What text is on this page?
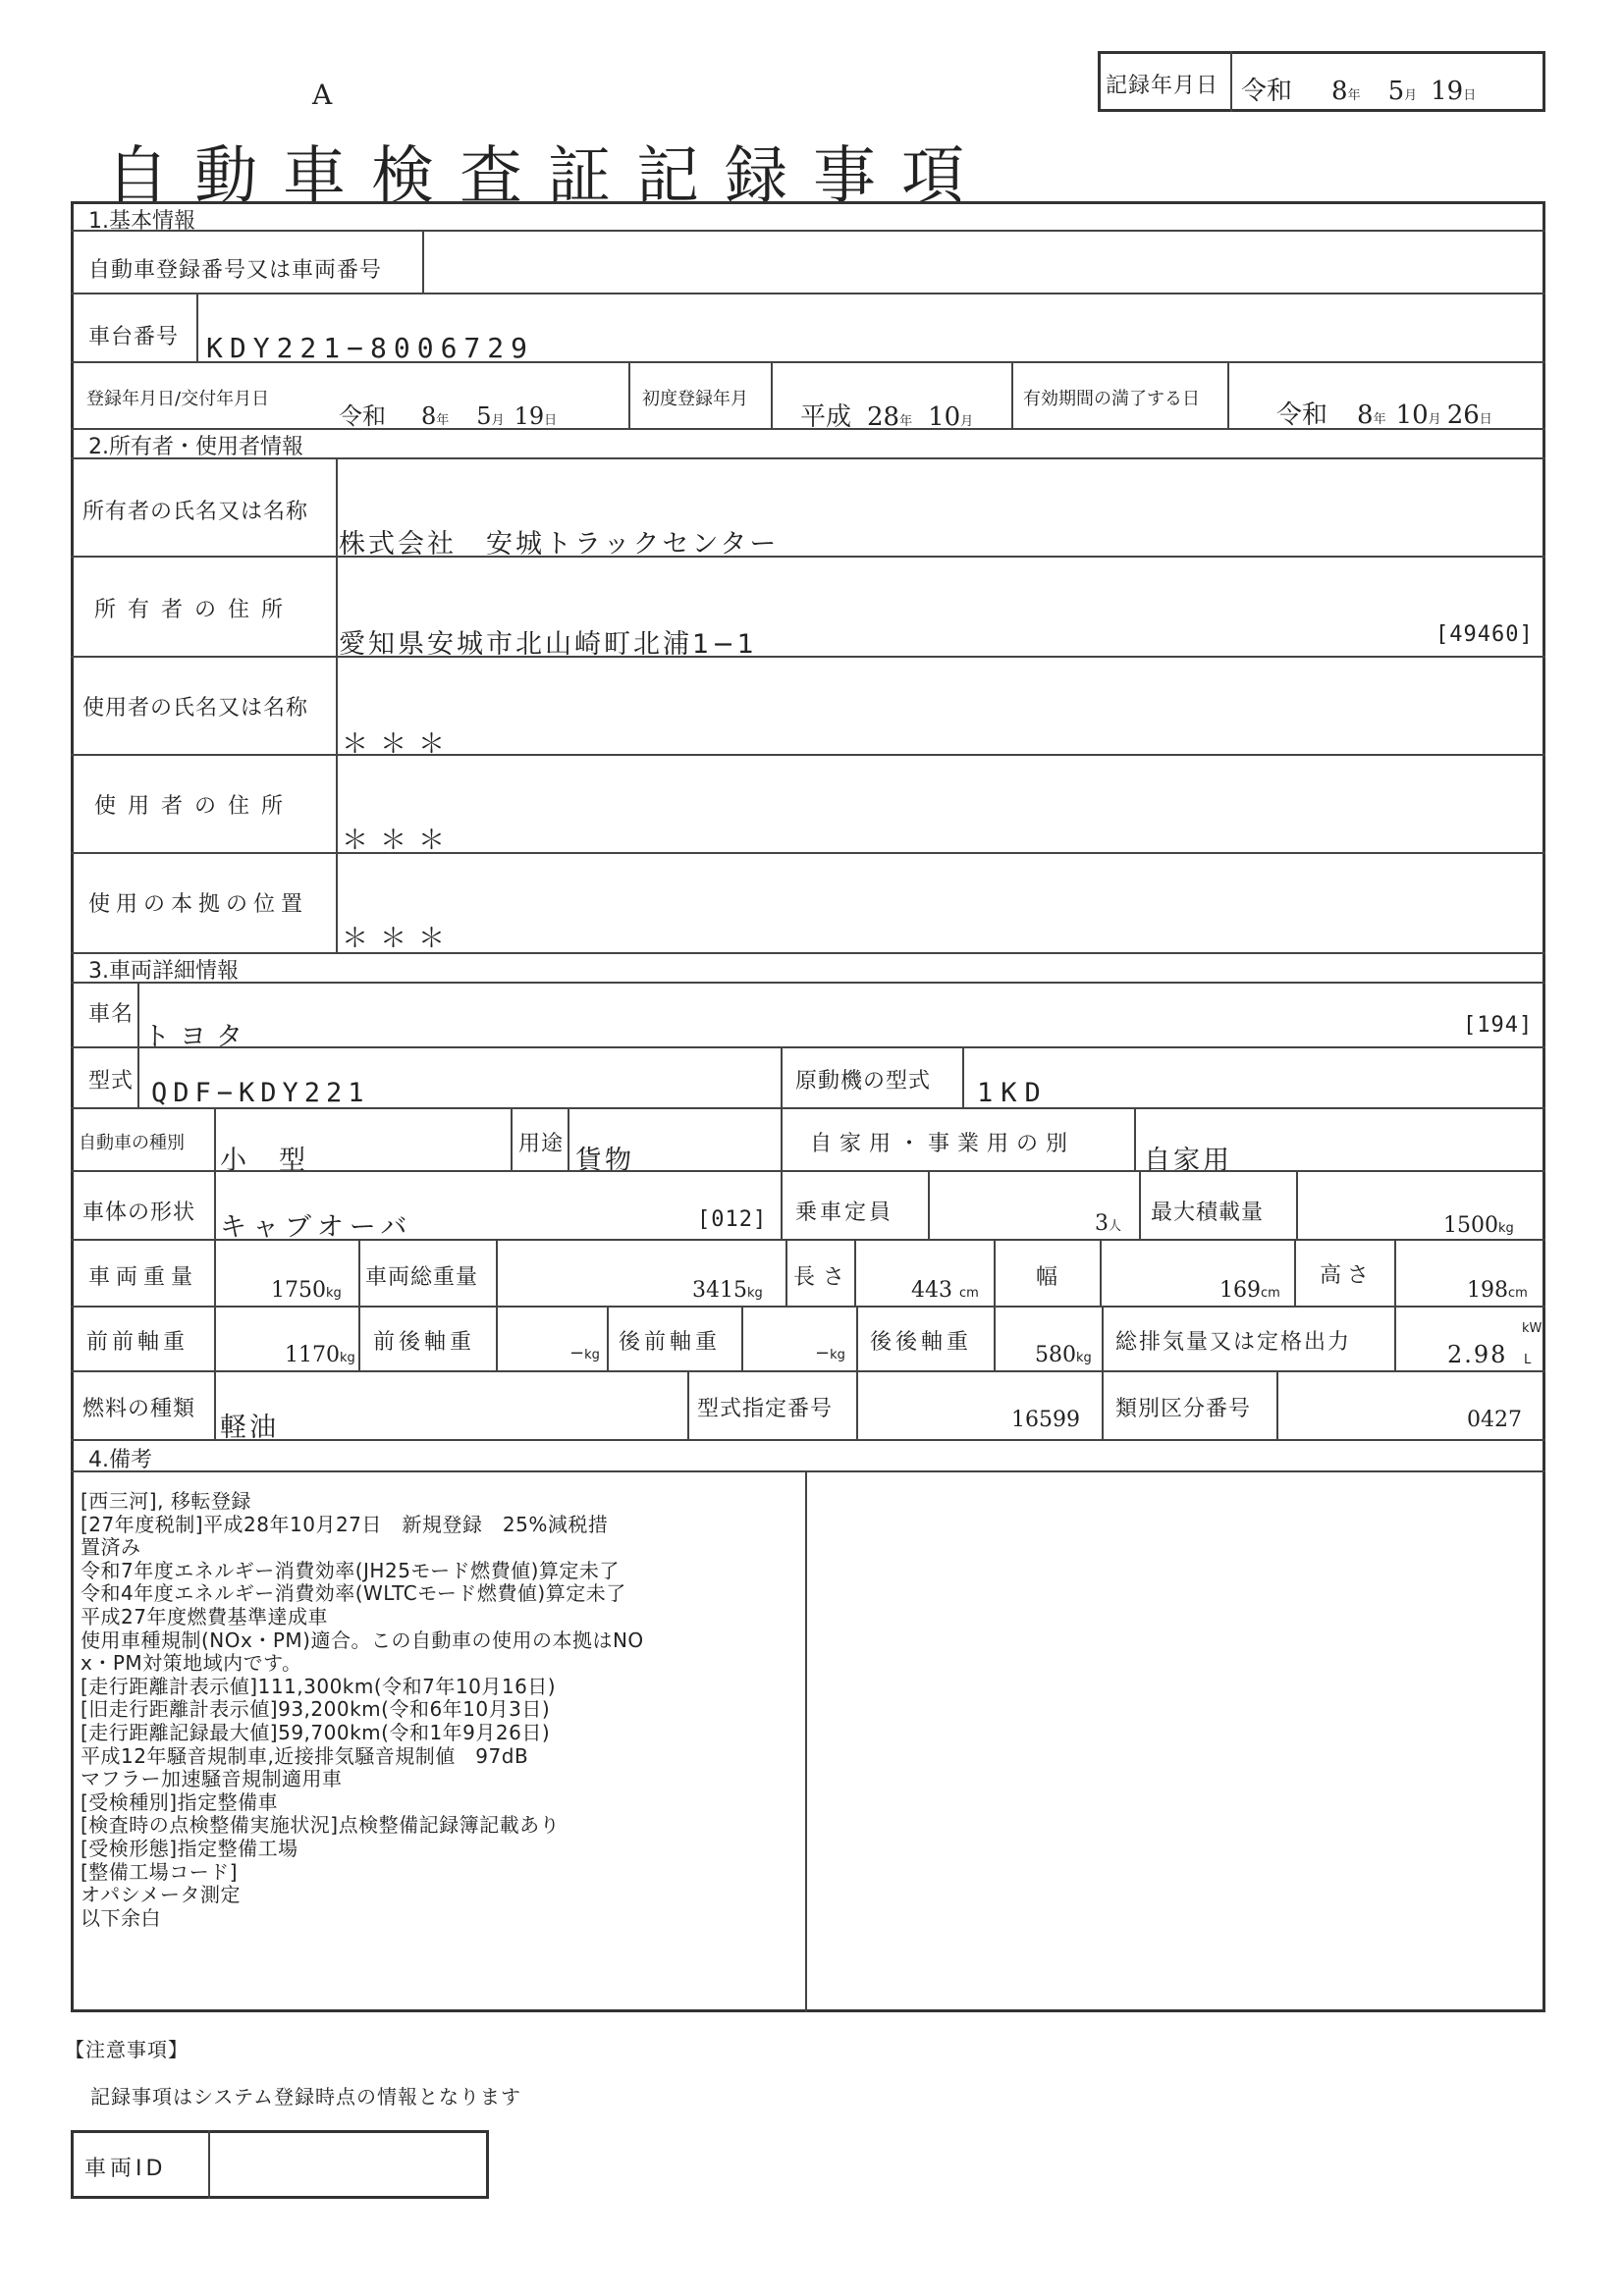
A
自動車検査証記録事項
記録年月日 令和 8年 5月 19日
1.基本情報
自動車登録番号又は車両番号
車台番号 KDY221−8006729
登録年月日/交付年月日
令和 8年 5月 19日
初度登録年月
平成 28年 10月
有効期間の満了する日
令和 8年 10月 26日
2.所有者・使用者情報
所有者の氏名又は名称
株式会社　安城トラックセンター
所有者の住所
愛知県安城市北山崎町北浦1−1	[49460]
使用者の氏名又は名称
＊＊＊
使用者の住所
＊＊＊
使用の本拠の位置
＊＊＊
3.車両詳細情報
車名
トヨタ	[194]
型式 QDF−KDY221	原動機の型式 1KD
自動車の種別
小　型
用途
貨物
自家用・事業用の別
自家用
車体の形状 キャブオーバ	[012] 乗車定員	3人
最大積載量
1500kg
車両重量
1750kg
車両総重量
3415kg
長さ
443 cm
幅
169cm
高さ
198cm
前前軸重
1170kg
前後軸重	−kg
後前軸重	−kg
後後軸重
580kg
総排気量又は定格出力	2.98
kW
L
燃料の種類
軽油
型式指定番号	16599 類別区分番号	0427
4.備考
[西三河], 移転登録
[27年度税制]平成28年10月27日　新規登録　25%減税措
置済み
令和7年度エネルギー消費効率(JH25モード燃費値)算定未了
令和4年度エネルギー消費効率(WLTCモード燃費値)算定未了
平成27年度燃費基準達成車
使用車種規制(NOx・PM)適合。この自動車の使用の本拠はNO
x・PM対策地域内です。
[走行距離計表示値]111,300km(令和7年10月16日)
[旧走行距離計表示値]93,200km(令和6年10月3日)
[走行距離記録最大値]59,700km(令和1年9月26日)
平成12年騒音規制車,近接排気騒音規制値　97dB
マフラー加速騒音規制適用車
[受検種別]指定整備車
[検査時の点検整備実施状況]点検整備記録簿記載あり
[受検形態]指定整備工場
[整備工場コード]
オパシメータ測定
以下余白
【注意事項】
記録事項はシステム登録時点の情報となります
車両ID
